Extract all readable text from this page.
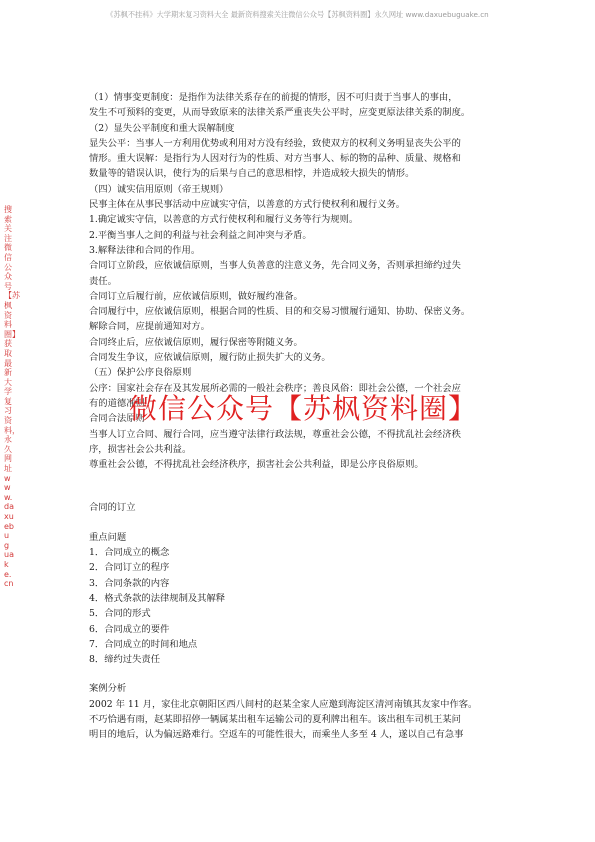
《苏枫不挂科》大学期末复习资料大全 最新资料搜索关注微信公众号【苏枫资料圈】永久网址 www.daxuebuguake.cn
搜索关注微信公众号【苏枫资料圈】获取最新大学复习资料，永久网址 www.daxuebuguake.cn

（1）情事变更制度：是指作为法律关系存在的前提的情形，因不可归责于当事人的事由，

发生不可预料的变更，从而导致原来的法律关系严重丧失公平时，应变更原法律关系的制度。

（2）显失公平制度和重大误解制度

显失公平：当事人一方利用优势或利用对方没有经验，致使双方的权利义务明显丧失公平的

情形。重大误解：是指行为人因对行为的性质、对方当事人、标的物的品种、质量、规格和

数量等的错误认识，使行为的后果与自己的意思相悖，并造成较大损失的情形。

（四）诚实信用原则（帝王规则）

民事主体在从事民事活动中应诚实守信，以善意的方式行使权利和履行义务。

1.确定诚实守信，以善意的方式行使权利和履行义务等行为规则。

2.平衡当事人之间的利益与社会利益之间冲突与矛盾。

3.解释法律和合同的作用。

合同订立阶段，应依诚信原则，当事人负善意的注意义务，先合同义务，否则承担缔约过失

责任。

合同订立后履行前，应依诚信原则，做好履约准备。

合同履行中，应依诚信原则，根据合同的性质、目的和交易习惯履行通知、协助、保密义务。

解除合同，应提前通知对方。

合同终止后，应依诚信原则，履行保密等附随义务。

合同发生争议，应依诚信原则，履行防止损失扩大的义务。

（五）保护公序良俗原则

公序：国家社会存在及其发展所必需的一般社会秩序；善良风俗：即社会公德，一个社会应

有的道德准则

合同合法原则

当事人订立合同、履行合同，应当遵守法律行政法规，尊重社会公德，不得扰乱社会经济秩

序，损害社会公共利益。

尊重社会公德，不得扰乱社会经济秩序，损害社会公共利益，即是公序良俗原则。

合同的订立

重点问题

1．合同成立的概念

2．合同订立的程序

3．合同条款的内容

4．格式条款的法律规制及其解释

5．合同的形式

6．合同成立的要件

7．合同成立的时间和地点

8．缔约过失责任

案例分析

2002 年 11 月，家住北京朝阳区西八间村的赵某全家人应邀到海淀区清河南镇其友家中作客。

不巧恰遇有雨，赵某即招停一辆属某出租车运输公司的夏利牌出租车。该出租车司机王某问

明目的地后，认为偏远路难行。空返车的可能性很大，而乘坐人多至 4 人，遂以自己有急事

微信公众号【苏枫资料圈】
